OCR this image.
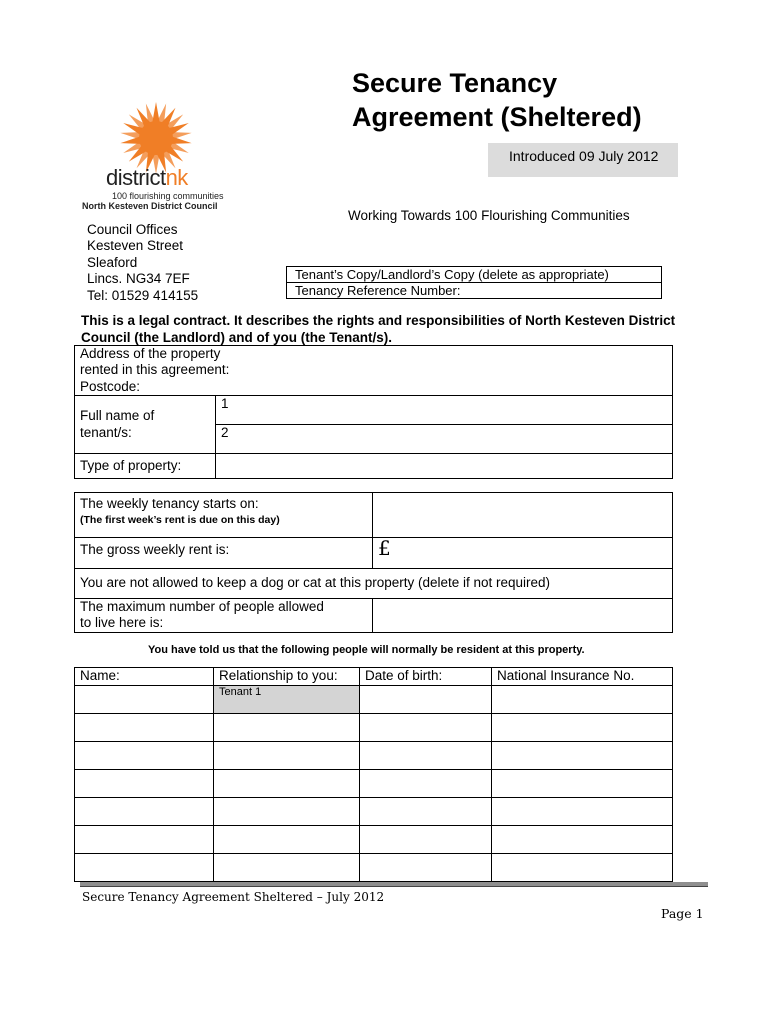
Secure Tenancy
Agreement (Sheltered)
Introduced 09 July 2012
districtnk
100 flourishing communities
North Kesteven District Council
Working Towards 100 Flourishing Communities
Council Offices
Kesteven Street
Sleaford
Lincs. NG34 7EF
Tel: 01529 414155
Tenant’s Copy/Landlord’s Copy (delete as appropriate)
Tenancy Reference Number:
This is a legal contract. It describes the rights and responsibilities of North Kesteven District Council (the Landlord) and of you (the Tenant/s).
Address of the property
rented in this agreement:
Postcode:	

Full name of
tenant/s:	1
	2
Type of property:	
The weekly tenancy starts on:
(The first week’s rent is due on this day)	

The gross weekly rent is:	£
You are not allowed to keep a dog or cat at this property (delete if not required)	

The maximum number of people allowed
to live here is:	

You have told us that the following people will normally be resident at this property.
Name:	Relationship to you:	Date of birth:	National Insurance No.
	Tenant 1		

Secure Tenancy Agreement Sheltered – July 2012
Page 1
